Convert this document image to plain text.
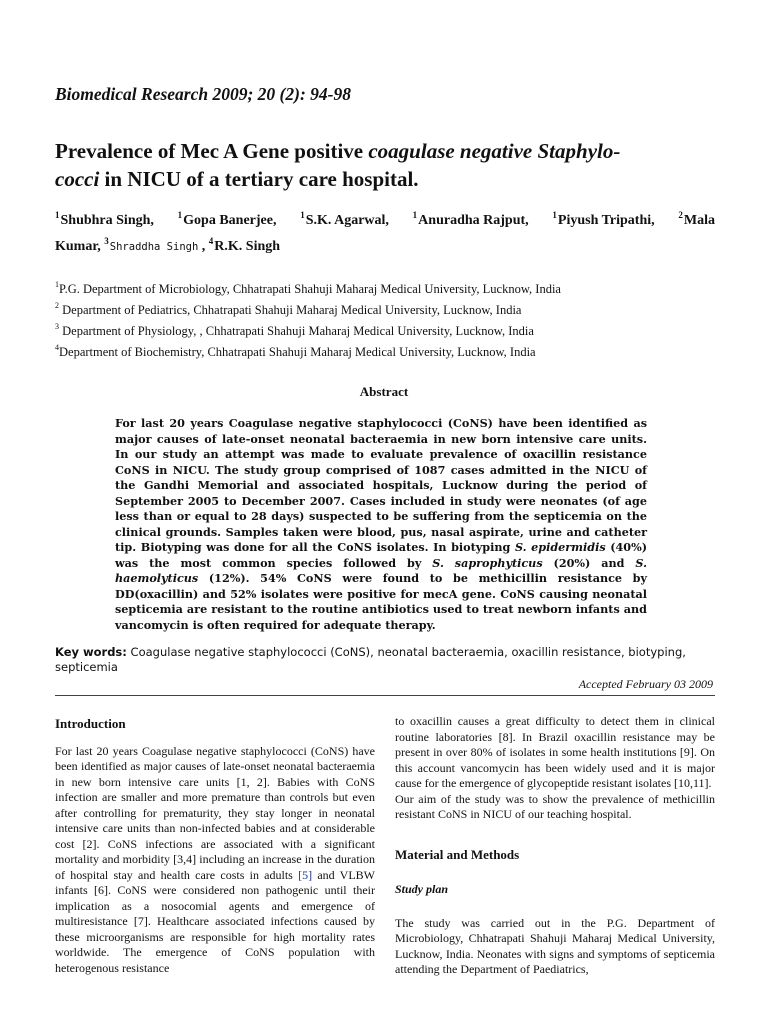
Biomedical Research 2009; 20 (2): 94-98
Prevalence of Mec A Gene positive coagulase negative Staphylo-
cocci in NICU of a tertiary care hospital.
$^1$Shubhra Singh,	$^1$Gopa Banerjee,	$^1$S.K. Agarwal,	$^1$Anuradha Rajput,	$^1$Piyush Tripathi,	$^2$Mala
Kumar, $^3$Shraddha Singh , $^4$R.K. Singh
$^1$P.G. Department of Microbiology, Chhatrapati Shahuji Maharaj Medical University, Lucknow, India
$^2$ Department of Pediatrics, Chhatrapati Shahuji Maharaj Medical University, Lucknow, India
$^3$ Department of Physiology, , Chhatrapati Shahuji Maharaj Medical University, Lucknow, India
$^4$Department of Biochemistry, Chhatrapati Shahuji Maharaj Medical University, Lucknow, India
Abstract
For last 20 years Coagulase negative staphylococci (CoNS) have been identified as major causes of late-onset neonatal bacteraemia in new born intensive care units. In our study an attempt was made to evaluate prevalence of oxacillin resistance CoNS in NICU. The study group comprised of 1087 cases admitted in the NICU of the Gandhi Memorial and associated hospitals, Lucknow during the period of September 2005 to December 2007. Cases included in study were neonates (of age less than or equal to 28 days) suspected to be suffering from the septicemia on the clinical grounds. Samples taken were blood, pus, nasal aspirate, urine and catheter tip. Biotyping was done for all the CoNS isolates. In biotyping S. epidermidis (40%) was the most common species followed by S. saprophyticus (20%) and S. haemolyticus (12%). 54% CoNS were found to be methicillin resistance by DD(oxacillin) and 52% isolates were positive for mecA gene. CoNS causing neonatal septicemia are resistant to the routine antibiotics used to treat newborn infants and vancomycin is often required for adequate therapy.
Key words: Coagulase negative staphylococci (CoNS), neonatal bacteraemia, oxacillin resistance, biotyping, septicemia
Accepted February 03 2009
Introduction

For last 20 years Coagulase negative staphylococci (CoNS) have been identified as major causes of late-onset neonatal bacteraemia in new born intensive care units [1, 2]. Babies with CoNS infection are smaller and more premature than controls but even after controlling for prematurity, they stay longer in neonatal intensive care units than non-infected babies and at considerable cost [2]. CoNS infections are associated with a significant mortality and morbidity [3,4] including an increase in the duration of hospital stay and health care costs in adults [5] and VLBW infants [6]. CoNS were considered non pathogenic until their implication as a nosocomial agents and emergence of multiresistance [7]. Healthcare associated infections caused by these microorganisms are responsible for high mortality rates worldwide. The emergence of CoNS population with heterogenous resistance

to oxacillin causes a great difficulty to detect them in clinical routine laboratories [8]. In Brazil oxacillin resistance may be present in over 80% of isolates in some health institutions [9]. On this account vancomycin has been widely used and it is major cause for the emergence of glycopeptide resistant isolates [10,11].

Our aim of the study was to show the prevalence of methicillin resistant CoNS in NICU of our teaching hospital.

Material and Methods
Study plan

The study was carried out in the P.G. Department of Microbiology, Chhatrapati Shahuji Maharaj Medical University, Lucknow, India. Neonates with signs and symptoms of septicemia attending the Department of Paediatrics,
